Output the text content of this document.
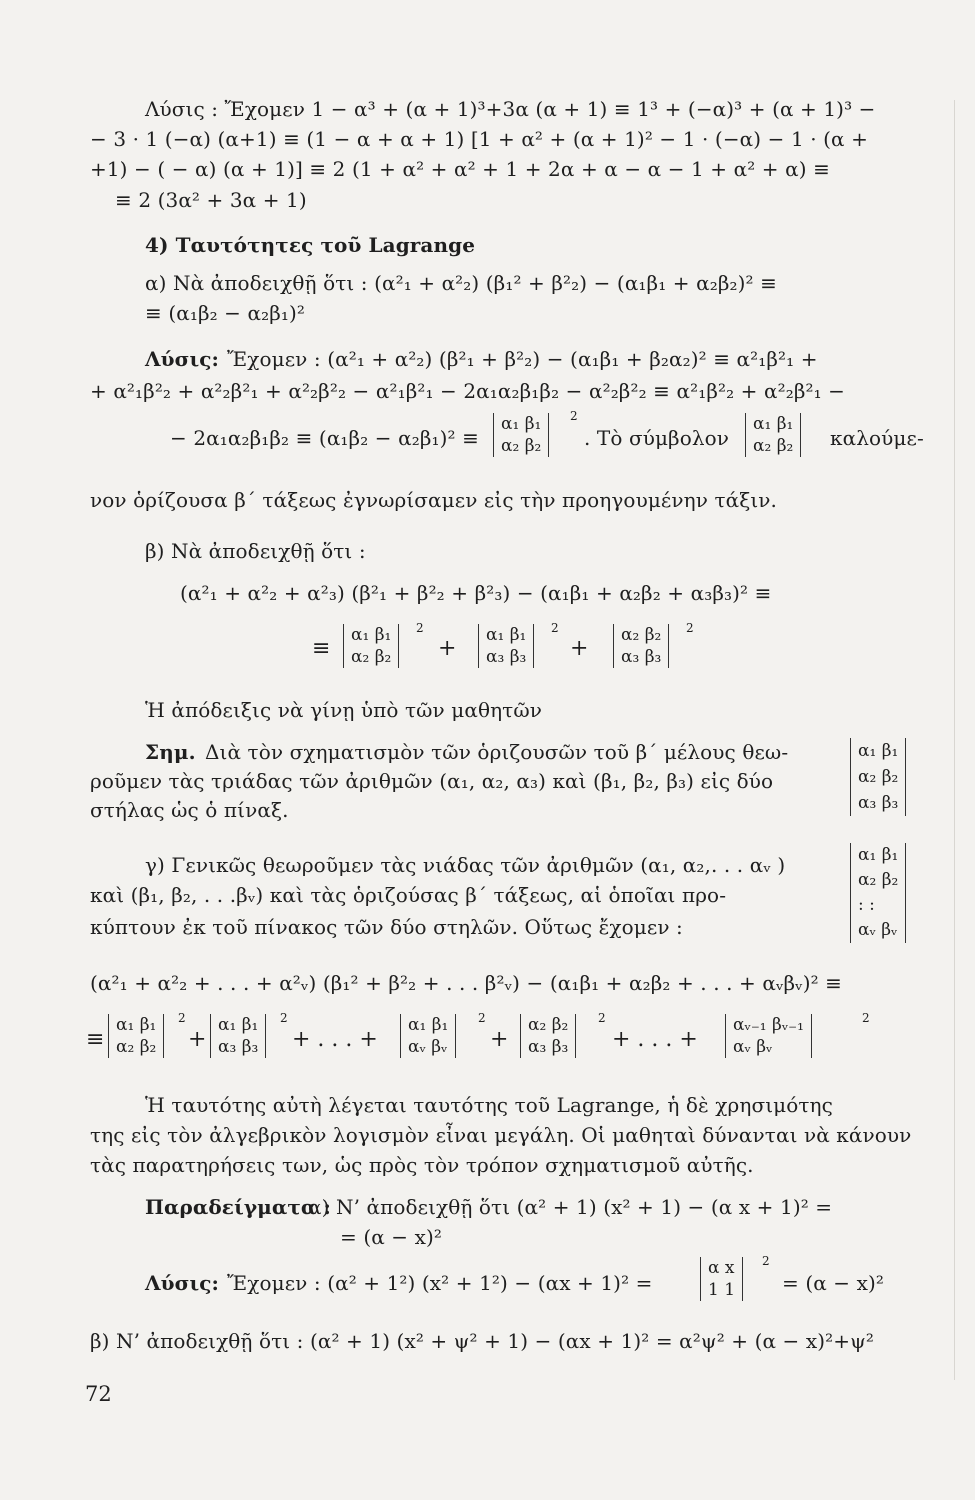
Λύσις : Ἔχομεν 1 − α³ + (α + 1)³+3α (α + 1) ≡ 1³ + (−α)³ + (α + 1)³ −
− 3 · 1 (−α) (α+1) ≡ (1 − α + α + 1) [1 + α² + (α + 1)² − 1 · (−α) − 1 · (α +
+1) − ( − α) (α + 1)] ≡ 2 (1 + α² + α² + 1 + 2α + α − α − 1 + α² + α) ≡
≡ 2 (3α² + 3α + 1)
4) Ταυτότητες τοῦ Lagrange
α) Νὰ ἀποδειχθῇ ὅτι : (α²₁ + α²₂) (β₁² + β²₂) − (α₁β₁ + α₂β₂)² ≡
≡ (α₁β₂ − α₂β₁)²
Λύσις: Ἔχομεν : (α²₁ + α²₂) (β²₁ + β²₂) − (α₁β₁ + β₂α₂)² ≡ α²₁β²₁ +
+ α²₁β²₂ + α²₂β²₁ + α²₂β²₂ − α²₁β²₁ − 2α₁α₂β₁β₂ − α²₂β²₂ ≡ α²₁β²₂ + α²₂β²₁ −
− 2α₁α₂β₁β₂ ≡ (α₁β₂ − α₂β₁)² ≡
α₁ β₁
α₂ β₂
2
. Τὸ σύμβολον
α₁ β₁
α₂ β₂ καλούμε-
νον ὁρίζουσα β΄ τάξεως ἐγνωρίσαμεν εἰς τὴν προηγουμένην τάξιν.
β) Νὰ ἀποδειχθῇ ὅτι :
(α²₁ + α²₂ + α²₃) (β²₁ + β²₂ + β²₃) − (α₁β₁ + α₂β₂ + α₃β₃)² ≡
≡
α₁ β₁
α₂ β₂
2
+
α₁ β₁
α₃ β₃
2
+
α₂ β₂
α₃ β₃
2
Ἡ ἀπόδειξις νὰ γίνῃ ὑπὸ τῶν μαθητῶν
Σημ. Διὰ τὸν σχηματισμὸν τῶν ὁριζουσῶν τοῦ β΄ μέλους θεω-
ροῦμεν τὰς τριάδας τῶν ἀριθμῶν (α₁, α₂, α₃) καὶ (β₁, β₂, β₃) εἰς δύο
στήλας ὡς ὁ πίναξ.
α₁ β₁
α₂ β₂
α₃ β₃
γ) Γενικῶς θεωροῦμεν τὰς νιάδας τῶν ἀριθμῶν (α₁, α₂,. . . αᵥ )
καὶ (β₁, β₂, . . .βᵥ) καὶ τὰς ὁριζούσας β΄ τάξεως, αἱ ὁποῖαι προ-
κύπτουν ἐκ τοῦ πίνακος τῶν δύο στηλῶν. Οὕτως ἔχομεν :
α₁ β₁
α₂ β₂
: :
αᵥ βᵥ
(α²₁ + α²₂ + . . . + α²ᵥ) (β₁² + β²₂ + . . . β²ᵥ) − (α₁β₁ + α₂β₂ + . . . + αᵥβᵥ)² ≡
≡
α₁ β₁
α₂ β₂
2
+
α₁ β₁
α₃ β₃
2
+ . . . +
α₁ β₁
αᵥ βᵥ
2
+
α₂ β₂
α₃ β₃
2
+ . . . +
αᵥ₋₁ βᵥ₋₁
αᵥ βᵥ
2
Ἡ ταυτότης αὐτὴ λέγεται ταυτότης τοῦ Lagrange, ἡ δὲ χρησιμότης
της εἰς τὸν ἀλγεβρικὸν λογισμὸν εἶναι μεγάλη. Οἱ μαθηταὶ δύνανται νὰ κάνουν
τὰς παρατηρήσεις των, ὡς πρὸς τὸν τρόπον σχηματισμοῦ αὐτῆς.
Παραδείγματα :
α) Ν’ ἀποδειχθῇ ὅτι (α² + 1) (x² + 1) − (α x + 1)² =
= (α − x)²
Λύσις: Ἔχομεν : (α² + 1²) (x² + 1²) − (αx + 1)² =
α x
1 1
2
= (α − x)²
β) Ν’ ἀποδειχθῇ ὅτι : (α² + 1) (x² + ψ² + 1) − (αx + 1)² = α²ψ² + (α − x)²+ψ²
72
